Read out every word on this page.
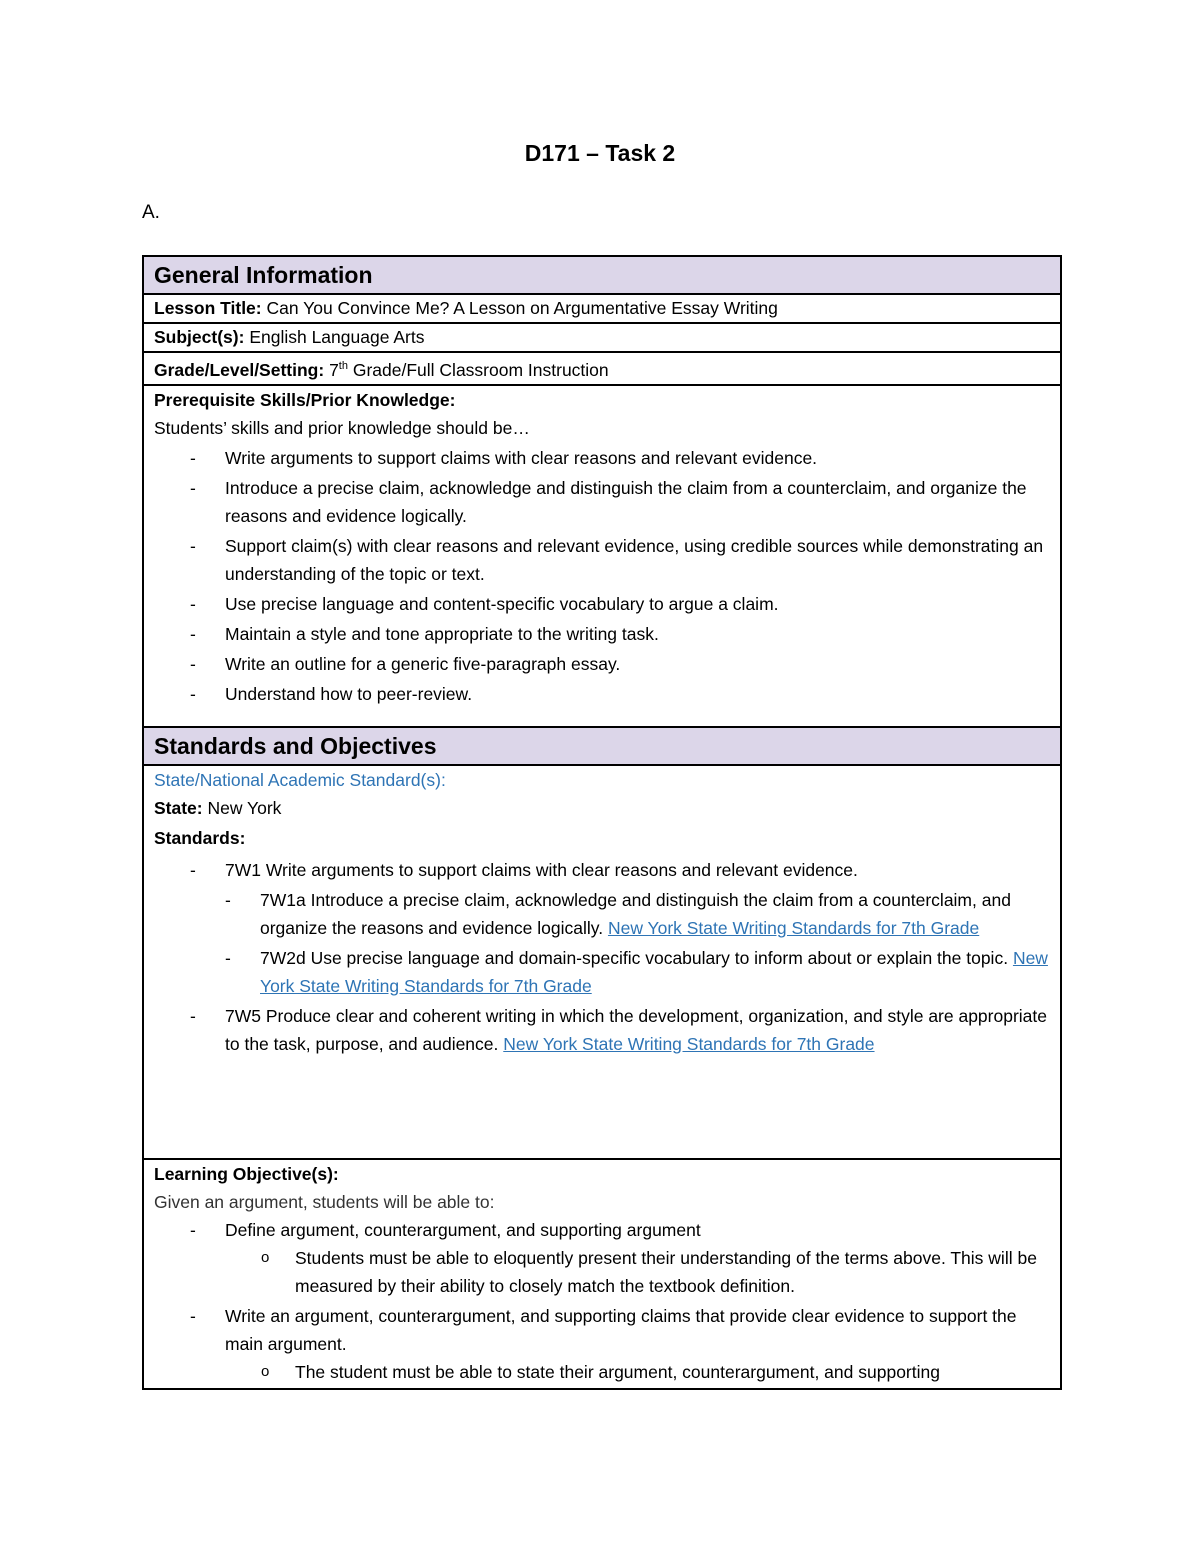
D171 – Task 2
A.
General Information
Lesson Title: Can You Convince Me? A Lesson on Argumentative Essay Writing
Subject(s): English Language Arts
Grade/Level/Setting: 7th Grade/Full Classroom Instruction
Prerequisite Skills/Prior Knowledge:
Students’ skills and prior knowledge should be…
- Write arguments to support claims with clear reasons and relevant evidence.
- Introduce a precise claim, acknowledge and distinguish the claim from a counterclaim, and organize the reasons and evidence logically.
- Support claim(s) with clear reasons and relevant evidence, using credible sources while demonstrating an understanding of the topic or text.
- Use precise language and content-specific vocabulary to argue a claim.
- Maintain a style and tone appropriate to the writing task.
- Write an outline for a generic five-paragraph essay.
- Understand how to peer-review.

Standards and Objectives

State/National Academic Standard(s):
State: New York
Standards:
- 7W1 Write arguments to support claims with clear reasons and relevant evidence.
- 7W1a Introduce a precise claim, acknowledge and distinguish the claim from a counterclaim, and organize the reasons and evidence logically. New York State Writing Standards for 7th Grade
- 7W2d Use precise language and domain-specific vocabulary to inform about or explain the topic. New York State Writing Standards for 7th Grade
- 7W5 Produce clear and coherent writing in which the development, organization, and style are appropriate to the task, purpose, and audience. New York State Writing Standards for 7th Grade

Learning Objective(s):
Given an argument, students will be able to:
- Define argument, counterargument, and supporting argument
o Students must be able to eloquently present their understanding of the terms above. This will be measured by their ability to closely match the textbook definition.
- Write an argument, counterargument, and supporting claims that provide clear evidence to support the main argument.
o The student must be able to state their argument, counterargument, and supporting
